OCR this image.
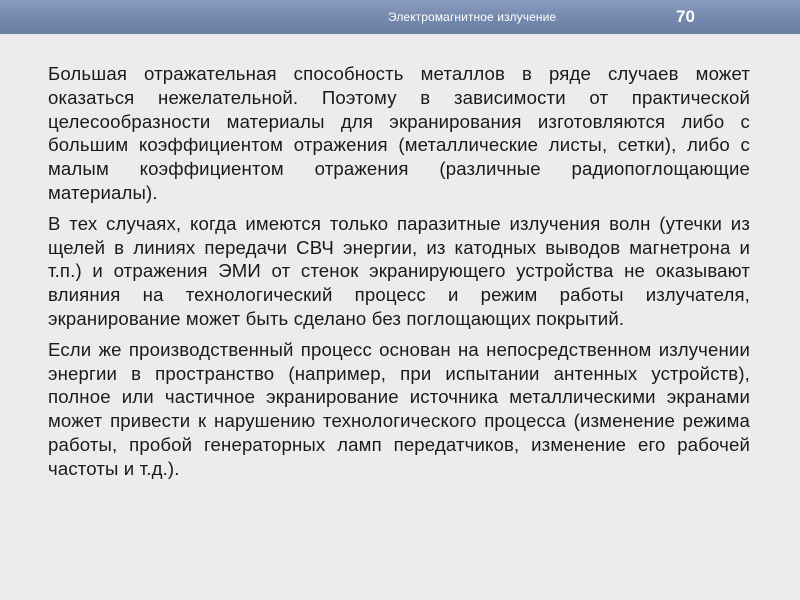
Электромагнитное излучение	70

Большая отражательная способность металлов в ряде случаев может оказаться нежелательной. Поэтому в зависимости от практической целесообразности материалы для экранирования изготовляются либо с большим коэффициентом отражения (металлические листы, сетки), либо с малым коэффициентом отражения (различные радиопоглощающие материалы).

В тех случаях, когда имеются только паразитные излучения волн (утечки из щелей в линиях передачи СВЧ энергии, из катодных выводов магнетрона и т.п.) и отражения ЭМИ от стенок экранирующего устройства не оказывают влияния на технологический процесс и режим работы излучателя, экранирование может быть сделано без поглощающих покрытий.

Если же производственный процесс основан на непосредственном излучении энергии в пространство (например, при испытании антенных устройств), полное или частичное экранирование источника металлическими экранами может привести к нарушению технологического процесса (изменение режима работы, пробой генераторных ламп передатчиков, изменение его рабочей частоты и т.д.).
